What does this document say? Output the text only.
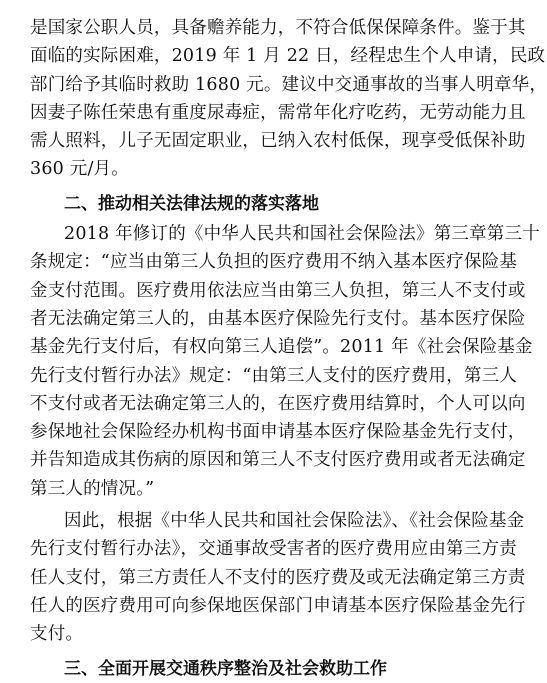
是国家公职人员，具备赡养能力，不符合低保保障条件。鉴于其
面临的实际困难，2019 年 1 月 22 日，经程忠生个人申请，民政
部门给予其临时救助 1680 元。建议中交通事故的当事人明章华，
因妻子陈任荣患有重度尿毒症，需常年化疗吃药，无劳动能力且
需人照料，儿子无固定职业，已纳入农村低保，现享受低保补助
360 元/月。
二、推动相关法律法规的落实落地
2018 年修订的《中华人民共和国社会保险法》第三章第三十
条规定：“应当由第三人负担的医疗费用不纳入基本医疗保险基
金支付范围。医疗费用依法应当由第三人负担，第三人不支付或
者无法确定第三人的，由基本医疗保险先行支付。基本医疗保险
基金先行支付后，有权向第三人追偿”。2011 年《社会保险基金
先行支付暂行办法》规定：“由第三人支付的医疗费用，第三人
不支付或者无法确定第三人的，在医疗费用结算时，个人可以向
参保地社会保险经办机构书面申请基本医疗保险基金先行支付，
并告知造成其伤病的原因和第三人不支付医疗费用或者无法确定
第三人的情况。”
因此，根据《中华人民共和国社会保险法》、《社会保险基金
先行支付暂行办法》，交通事故受害者的医疗费用应由第三方责
任人支付，第三方责任人不支付的医疗费及或无法确定第三方责
任人的医疗费用可向参保地医保部门申请基本医疗保险基金先行
支付。
三、全面开展交通秩序整治及社会救助工作
